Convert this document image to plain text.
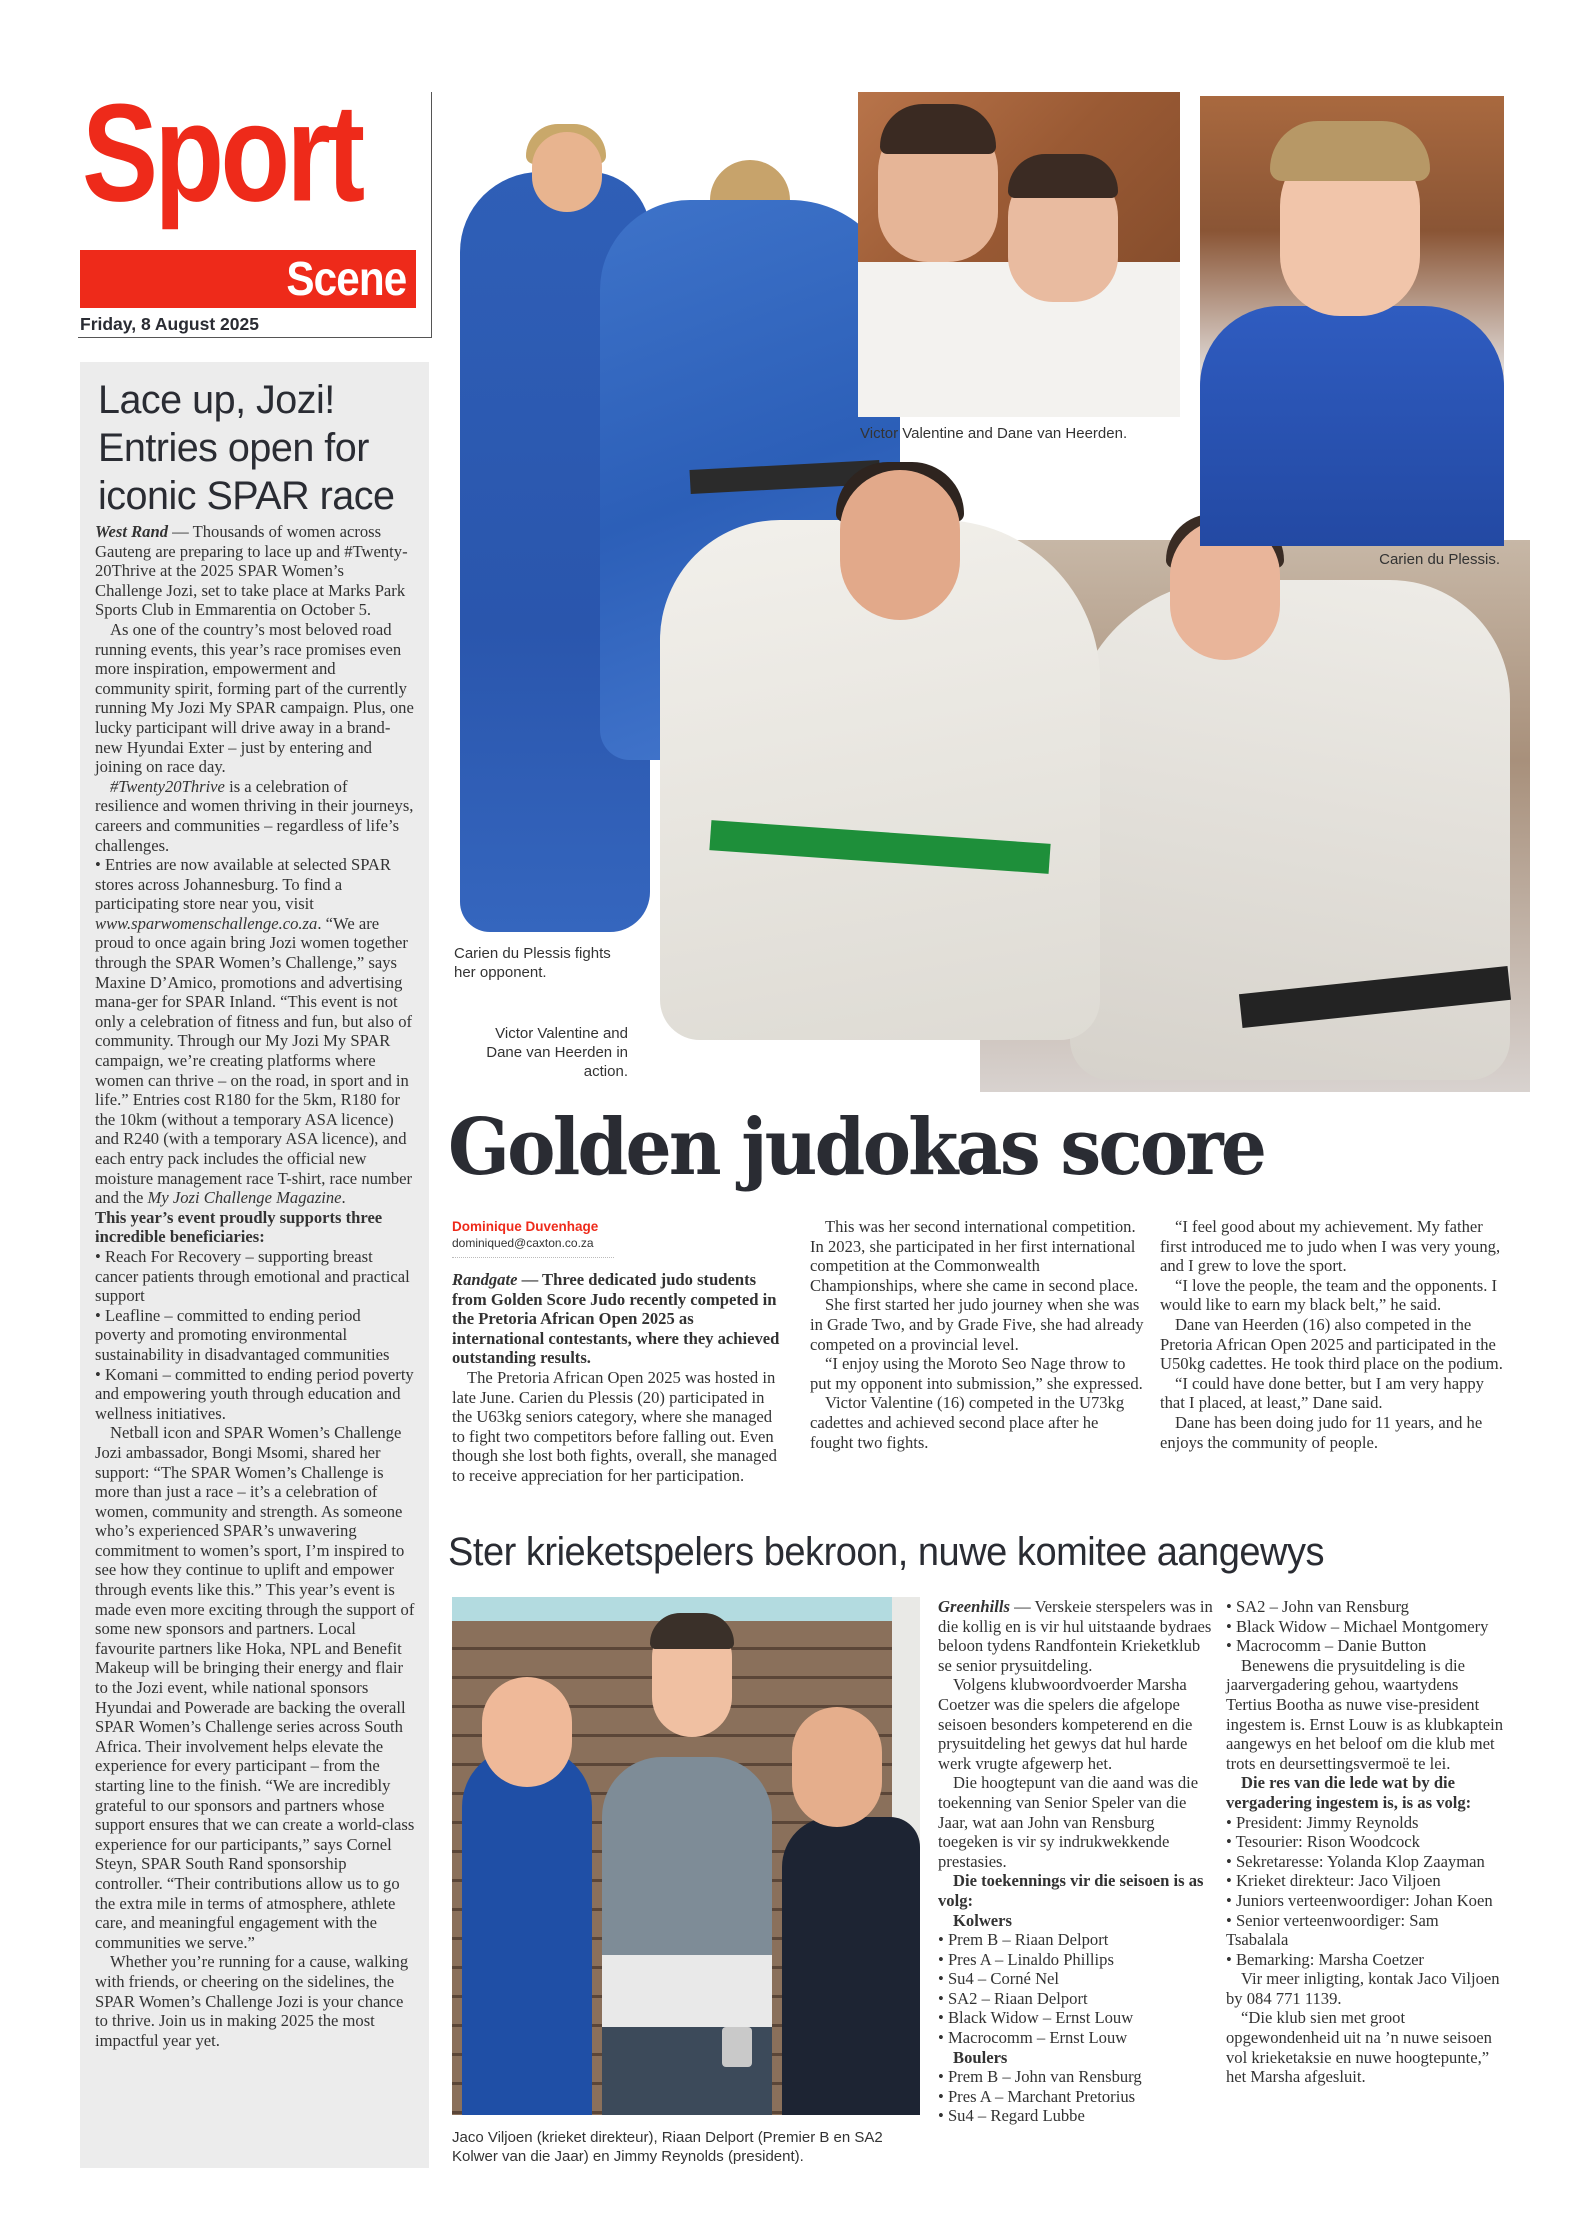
Sport
Scene
Friday, 8 August 2025
Lace up, Jozi! Entries open for iconic SPAR race

West Rand — Thousands of women across Gauteng are preparing to lace up and #Twenty-20Thrive at the 2025 SPAR Women’s Challenge Jozi, set to take place at Marks Park Sports Club in Emmarentia on October 5.

As one of the country’s most beloved road running events, this year’s race promises even more inspiration, empowerment and community spirit, forming part of the currently running My Jozi My SPAR campaign. Plus, one lucky participant will drive away in a brand-new Hyundai Exter – just by entering and joining on race day.

#Twenty20Thrive is a celebration of resilience and women thriving in their journeys, careers and communities – regardless of life’s challenges.

• Entries are now available at selected SPAR stores across Johannesburg. To find a participating store near you, visit www.sparwomenschallenge.co.za. “We are proud to once again bring Jozi women together through the SPAR Women’s Challenge,” says Maxine D’Amico, promotions and advertising mana-ger for SPAR Inland. “This event is not only a celebration of fitness and fun, but also of community. Through our My Jozi My SPAR campaign, we’re creating platforms where women can thrive – on the road, in sport and in life.” Entries cost R180 for the 5km, R180 for the 10km (without a temporary ASA licence) and R240 (with a temporary ASA licence), and each entry pack includes the official new moisture management race T-shirt, race number and the My Jozi Challenge Magazine.

This year’s event proudly supports three incredible beneficiaries:

• Reach For Recovery – supporting breast cancer patients through emotional and practical support

• Leafline – committed to ending period poverty and promoting environmental sustainability in disadvantaged communities

• Komani – committed to ending period poverty and empowering youth through education and wellness initiatives.

Netball icon and SPAR Women’s Challenge Jozi ambassador, Bongi Msomi, shared her support: “The SPAR Women’s Challenge is more than just a race – it’s a celebration of women, community and strength. As someone who’s experienced SPAR’s unwavering commitment to women’s sport, I’m inspired to see how they continue to uplift and empower through events like this.” This year’s event is made even more exciting through the support of some new sponsors and partners. Local favourite partners like Hoka, NPL and Benefit Makeup will be bringing their energy and flair to the Jozi event, while national sponsors Hyundai and Powerade are backing the overall SPAR Women’s Challenge series across South Africa. Their involvement helps elevate the experience for every participant – from the starting line to the finish. “We are incredibly grateful to our sponsors and partners whose support ensures that we can create a world-class experience for our participants,” says Cornel Steyn, SPAR South Rand sponsorship controller. “Their contributions allow us to go the extra mile in terms of atmosphere, athlete care, and meaningful engagement with the communities we serve.”

Whether you’re running for a cause, walking with friends, or cheering on the sidelines, the SPAR Women’s Challenge Jozi is your chance to thrive. Join us in making 2025 the most impactful year yet.

Carien du Plessis fights her opponent.
Victor Valentine and Dane van Heerden in action.
Victor Valentine and Dane van Heerden.
Carien du Plessis.
Golden judokas score
Dominique Duvenhage
dominiqued@caxton.co.za

Randgate — Three dedicated judo students from Golden Score Judo recently competed in the Pretoria African Open 2025 as international contestants, where they achieved outstanding results.

The Pretoria African Open 2025 was hosted in late June. Carien du Plessis (20) participated in the U63kg seniors category, where she managed to fight two competitors before falling out. Even though she lost both fights, overall, she managed to receive appreciation for her participation.

This was her second international competition. In 2023, she participated in her first international competition at the Commonwealth Championships, where she came in second place.

She first started her judo journey when she was in Grade Two, and by Grade Five, she had already competed on a provincial level.

“I enjoy using the Moroto Seo Nage throw to put my opponent into submission,” she expressed.

Victor Valentine (16) competed in the U73kg cadettes and achieved second place after he fought two fights.

“I feel good about my achievement. My father first introduced me to judo when I was very young, and I grew to love the sport.

“I love the people, the team and the opponents. I would like to earn my black belt,” he said.

Dane van Heerden (16) also competed in the Pretoria African Open 2025 and participated in the U50kg cadettes. He took third place on the podium.

“I could have done better, but I am very happy that I placed, at least,” Dane said.

Dane has been doing judo for 11 years, and he enjoys the community of people.

Ster krieketspelers bekroon, nuwe komitee aangewys
Jaco Viljoen (krieket direkteur), Riaan Delport (Premier B en SA2 Kolwer van die Jaar) en Jimmy Reynolds (president).

Greenhills — Verskeie sterspelers was in die kollig en is vir hul uitstaande bydraes beloon tydens Randfontein Krieketklub se senior prysuitdeling.

Volgens klubwoordvoerder Marsha Coetzer was die spelers die afgelope seisoen besonders kompeterend en die prysuitdeling het gewys dat hul harde werk vrugte afgewerp het.

Die hoogtepunt van die aand was die toekenning van Senior Speler van die Jaar, wat aan John van Rensburg toegeken is vir sy indrukwekkende prestasies.

Die toekennings vir die seisoen is as volg:

Kolwers

• Prem B – Riaan Delport

• Pres A – Linaldo Phillips

• Su4 – Corné Nel

• SA2 – Riaan Delport

• Black Widow – Ernst Louw

• Macrocomm – Ernst Louw

Boulers

• Prem B – John van Rensburg

• Pres A – Marchant Pretorius

• Su4 – Regard Lubbe

• SA2 – John van Rensburg

• Black Widow – Michael Montgomery

• Macrocomm – Danie Button

Benewens die prysuitdeling is die jaarvergadering gehou, waartydens Tertius Bootha as nuwe vise-president ingestem is. Ernst Louw is as klubkaptein aangewys en het beloof om die klub met trots en deursettingsvermoë te lei.

Die res van die lede wat by die vergadering ingestem is, is as volg:

• President: Jimmy Reynolds

• Tesourier: Rison Woodcock

• Sekretaresse: Yolanda Klop Zaayman

• Krieket direkteur: Jaco Viljoen

• Juniors verteenwoordiger: Johan Koen

• Senior verteenwoordiger: Sam Tsabalala

• Bemarking: Marsha Coetzer

Vir meer inligting, kontak Jaco Viljoen by 084 771 1139.

“Die klub sien met groot opgewondenheid uit na ’n nuwe seisoen vol krieketaksie en nuwe hoogtepunte,” het Marsha afgesluit.
